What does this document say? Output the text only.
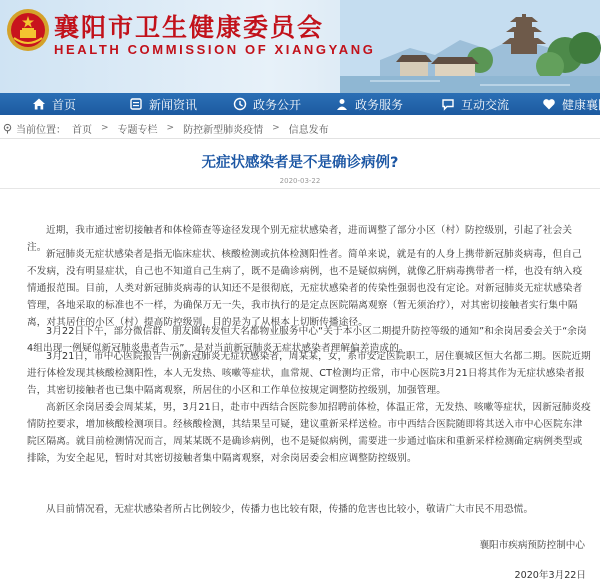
襄阳市卫生健康委员会
HEALTH COMMISSION OF XIANGYANG
首页	新闻资讯	政务公开	政务服务	互动交流	健康襄阳
当前位置： 首页 > 专题专栏 > 防控新型肺炎疫情 > 信息发布
无症状感染者是不是确诊病例?
2020-03-22
近期，我市通过密切接触者和体检筛查等途径发现个别无症状感染者，进而调整了部分小区（村）防控级别，引起了社会关注。
新冠肺炎无症状感染者是指无临床症状、核酸检测或抗体检测阳性者。简单来说，就是有的人身上携带新冠肺炎病毒，但自己不发病，没有明显症状，自己也不知道自己生病了，既不是确诊病例，也不是疑似病例，就像乙肝病毒携带者一样，也没有纳入疫情通报范围。目前，人类对新冠肺炎病毒的认知还不是很彻底，无症状感染者的传染性强弱也没有定论。对新冠肺炎无症状感染者管理，各地采取的标准也不一样，为确保万无一失，我市执行的是定点医院隔离观察（暂无须治疗），对其密切接触者实行集中隔离，对其居住的小区（村）提高防控级别，目的是为了从根本上切断传播途径。
3月22日下午，部分微信群、朋友圈转发恒大名都物业服务中心“关于本小区二期提升防控等级的通知”和余岗居委会关于“余岗4组出现一例疑似新冠肺炎患者告示”，是对当前新冠肺炎无症状感染者理解偏差造成的。
3月21日，市中心医院报告一例新冠肺炎无症状感染者，周某某，女，系市安定医院职工，居住襄城区恒大名都二期。医院近期进行体检发现其核酸检测阳性，本人无发热、咳嗽等症状，血常规、CT检测均正常，市中心医院3月21日将其作为无症状感染者报告，其密切接触者也已集中隔离观察，所居住的小区和工作单位按规定调整防控级别，加强管理。
高新区余岗居委会周某某，男，3月21日，赴市中西结合医院参加招聘前体检，体温正常，无发热、咳嗽等症状，因新冠肺炎疫情防控要求，增加核酸检测项目。经核酸检测，其结果呈可疑，建议重新采样送检。市中西结合医院随即将其送入市中心医院东津院区隔离。就目前检测情况而言，周某某既不是确诊病例，也不是疑似病例，需要进一步通过临床和重新采样检测确定病例类型或排除，为安全起见，暂时对其密切接触者集中隔离观察，对余岗居委会相应调整防控级别。
从目前情况看，无症状感染者所占比例较少，传播力也比较有限，传播的危害也比较小，敬请广大市民不用恐慌。
襄阳市疾病预防控制中心
2020年3月22日
